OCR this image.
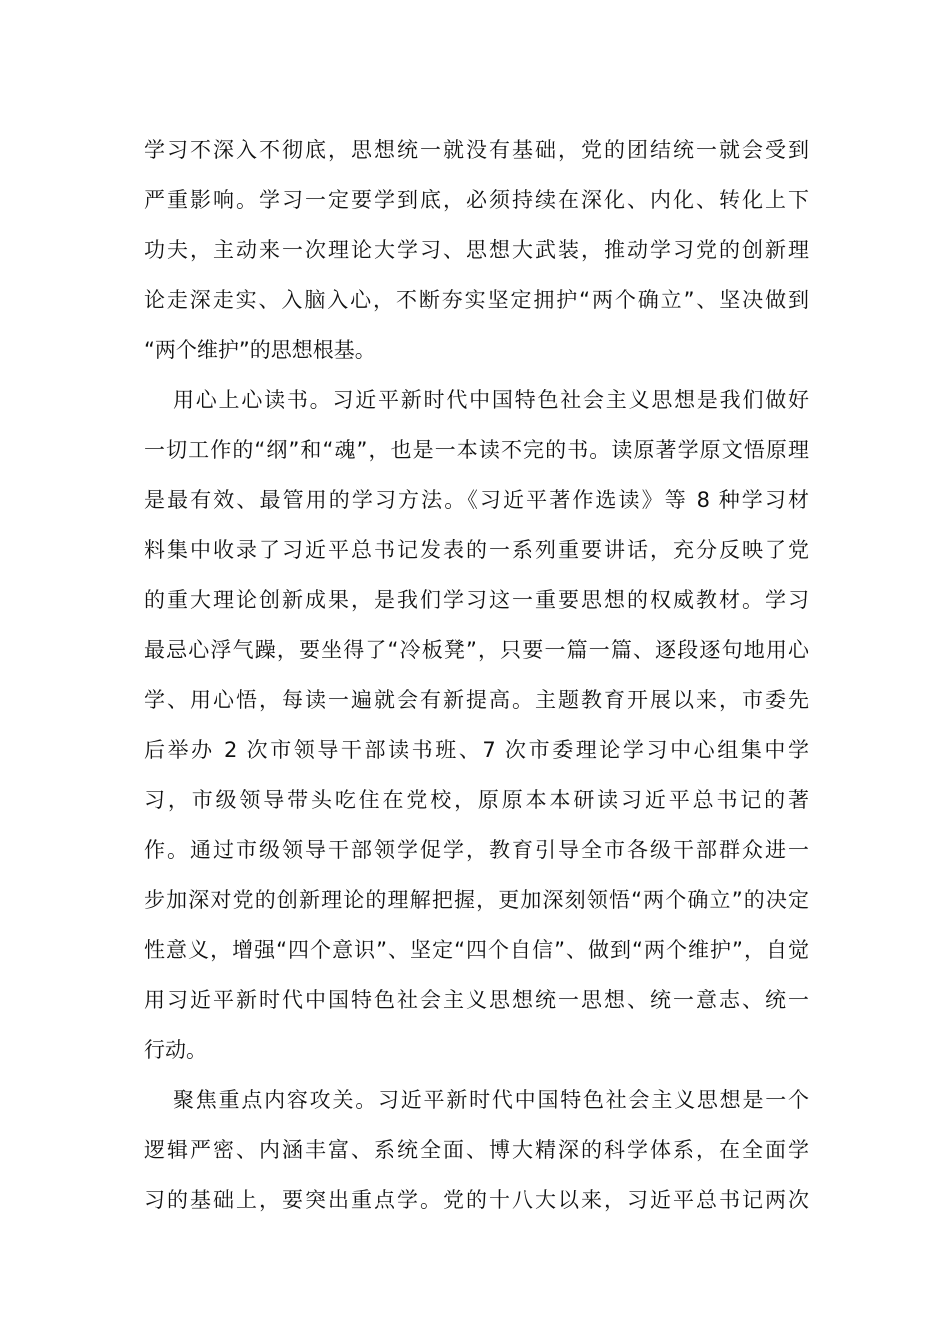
学习不深入不彻底，思想统一就没有基础，党的团结统一就会受到
严重影响。学习一定要学到底，必须持续在深化、内化、转化上下
功夫，主动来一次理论大学习、思想大武装，推动学习党的创新理
论走深走实、入脑入心，不断夯实坚定拥护“两个确立”、坚决做到
“两个维护”的思想根基。
用心上心读书。习近平新时代中国特色社会主义思想是我们做好
一切工作的“纲”和“魂”，也是一本读不完的书。读原著学原文悟原理
是最有效、最管用的学习方法。《习近平著作选读》等 8 种学习材
料集中收录了习近平总书记发表的一系列重要讲话，充分反映了党
的重大理论创新成果，是我们学习这一重要思想的权威教材。学习
最忌心浮气躁，要坐得了“冷板凳”，只要一篇一篇、逐段逐句地用心
学、用心悟，每读一遍就会有新提高。主题教育开展以来，市委先
后举办 2 次市领导干部读书班、7 次市委理论学习中心组集中学
习，市级领导带头吃住在党校，原原本本研读习近平总书记的著
作。通过市级领导干部领学促学，教育引导全市各级干部群众进一
步加深对党的创新理论的理解把握，更加深刻领悟“两个确立”的决定
性意义，增强“四个意识”、坚定“四个自信”、做到“两个维护”，自觉
用习近平新时代中国特色社会主义思想统一思想、统一意志、统一
行动。
聚焦重点内容攻关。习近平新时代中国特色社会主义思想是一个
逻辑严密、内涵丰富、系统全面、博大精深的科学体系，在全面学
习的基础上，要突出重点学。党的十八大以来，习近平总书记两次
